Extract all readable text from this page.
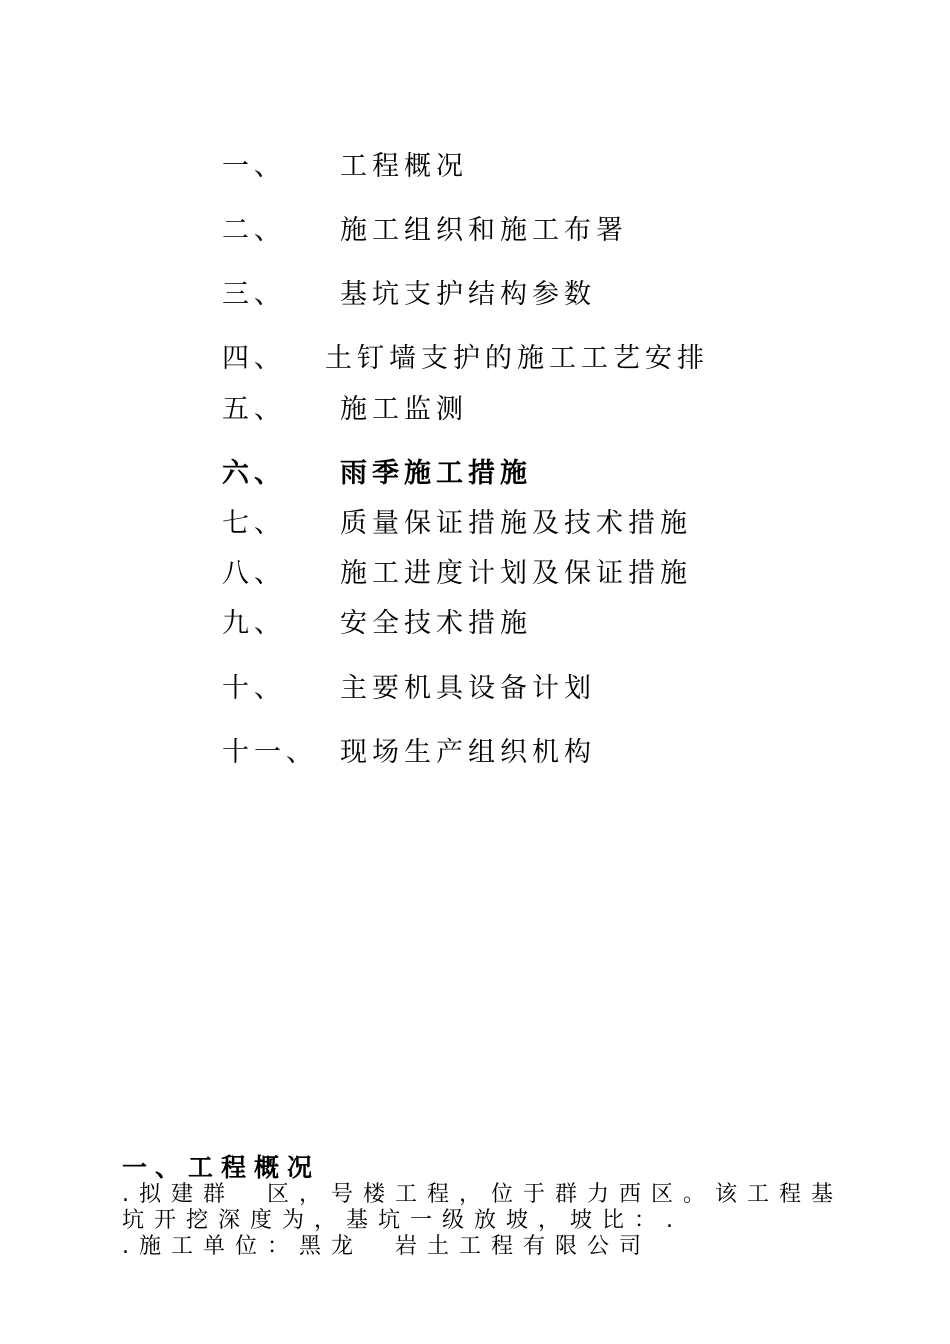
一、 工程概况
二、 施工组织和施工布署
三、 基坑支护结构参数
四、 土钉墙支护的施工工艺安排
五、 施工监测
六、 雨季施工措施
七、 质量保证措施及技术措施
八、 施工进度计划及保证措施
九、 安全技术措施
十、 主要机具设备计划
十一、 现场生产组织机构
一、工程概况
.拟建群　区，号楼工程，位于群力西区。该工程基
坑开挖深度为，基坑一级放坡，坡比：.
.施工单位：黑龙　岩土工程有限公司
